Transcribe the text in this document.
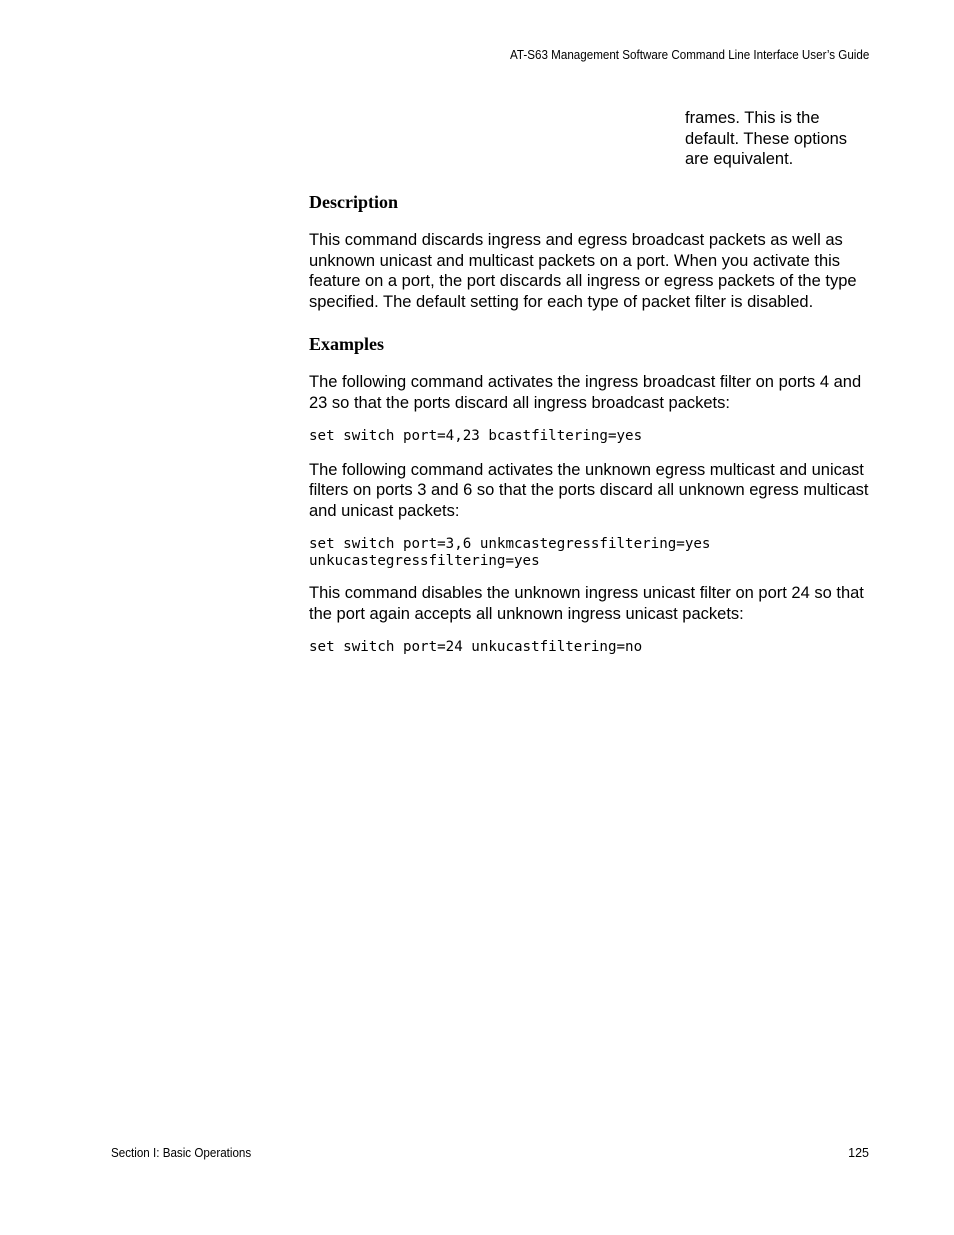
AT-S63 Management Software Command Line Interface User’s Guide

frames. This is the

default. These options

are equivalent.

Description

This command discards ingress and egress broadcast packets as well as unknown unicast and multicast packets on a port. When you activate this feature on a port, the port discards all ingress or egress packets of the type specified. The default setting for each type of packet filter is disabled.

Examples

The following command activates the ingress broadcast filter on ports 4 and 23 so that the ports discard all ingress broadcast packets:

set switch port=4,23 bcastfiltering=yes

The following command activates the unknown egress multicast and unicast filters on ports 3 and 6 so that the ports discard all unknown egress multicast and unicast packets:

set switch port=3,6 unkmcastegressfiltering=yes
unkucastegressfiltering=yes

This command disables the unknown ingress unicast filter on port 24 so that the port again accepts all unknown ingress unicast packets:

set switch port=24 unkucastfiltering=no
Section I: Basic Operations	125
